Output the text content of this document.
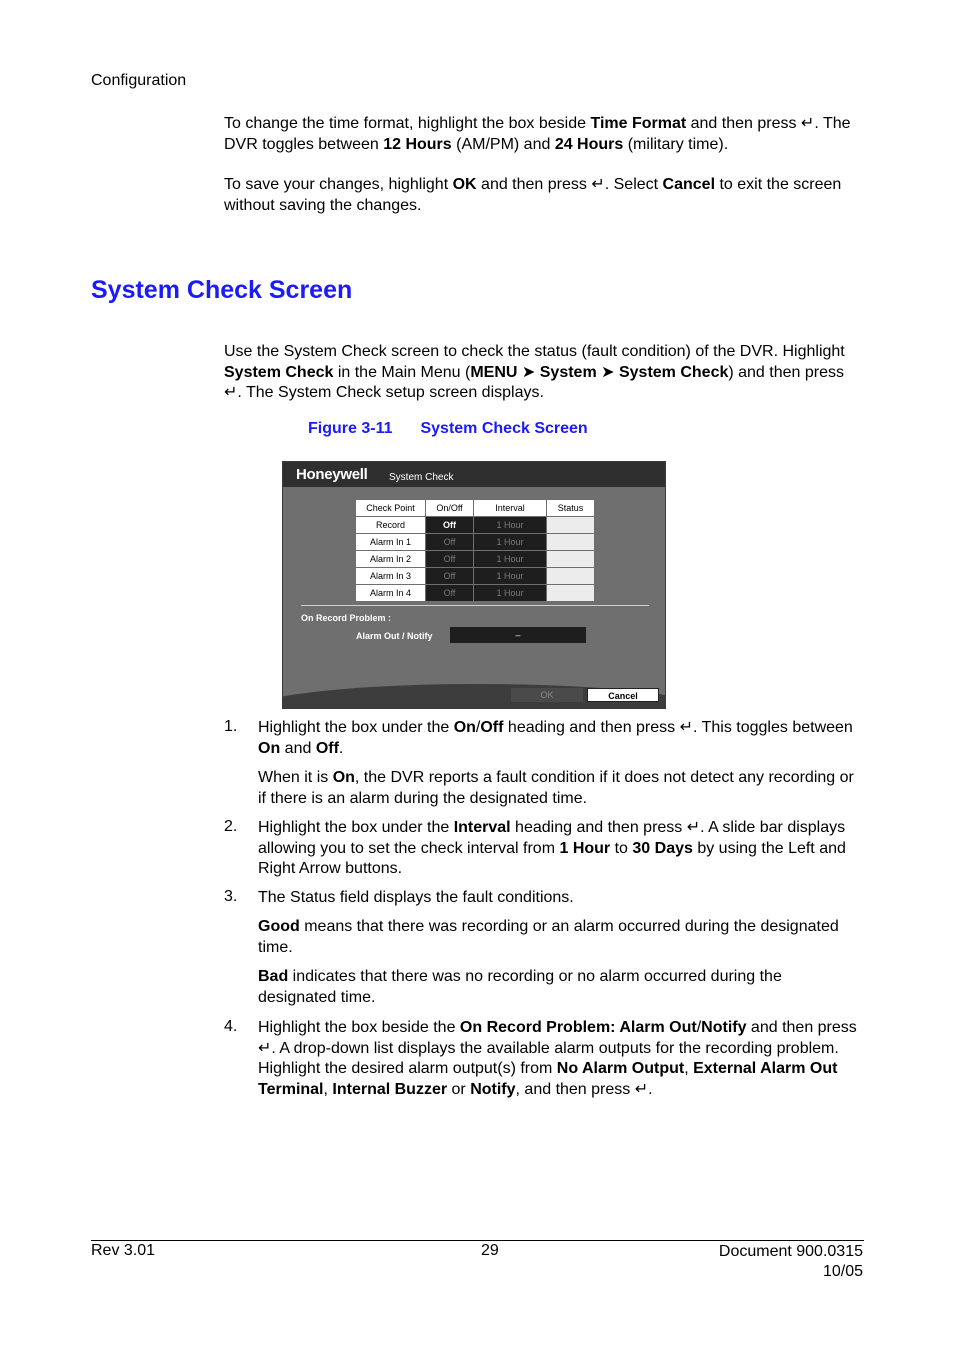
Configuration
To change the time format, highlight the box beside Time Format and then press ↵. The DVR toggles between 12 Hours (AM/PM) and 24 Hours (military time).
To save your changes, highlight OK and then press ↵. Select Cancel to exit the screen without saving the changes.
System Check Screen
Use the System Check screen to check the status (fault condition) of the DVR. Highlight System Check in the Main Menu (MENU ➤ System ➤ System Check) and then press ↵. The System Check setup screen displays.
Figure 3-11 System Check Screen
Honeywell System Check
Check Point	On/Off	Interval	Status
Record	Off	1 Hour	
Alarm In 1	Off	1 Hour	
Alarm In 2	Off	1 Hour	
Alarm In 3	Off	1 Hour	
Alarm In 4	Off	1 Hour	
On Record Problem :
Alarm Out / Notify	–
OK	Cancel
1. Highlight the box under the On/Off heading and then press ↵. This toggles between On and Off.
When it is On, the DVR reports a fault condition if it does not detect any recording or if there is an alarm during the designated time.
2. Highlight the box under the Interval heading and then press ↵. A slide bar displays allowing you to set the check interval from 1 Hour to 30 Days by using the Left and Right Arrow buttons.
3. The Status field displays the fault conditions.
Good means that there was recording or an alarm occurred during the designated time.
Bad indicates that there was no recording or no alarm occurred during the designated time.
4. Highlight the box beside the On Record Problem: Alarm Out/Notify and then press ↵. A drop-down list displays the available alarm outputs for the recording problem. Highlight the desired alarm output(s) from No Alarm Output, External Alarm Out Terminal, Internal Buzzer or Notify, and then press ↵.
Rev 3.01	29	Document 900.0315
10/05
